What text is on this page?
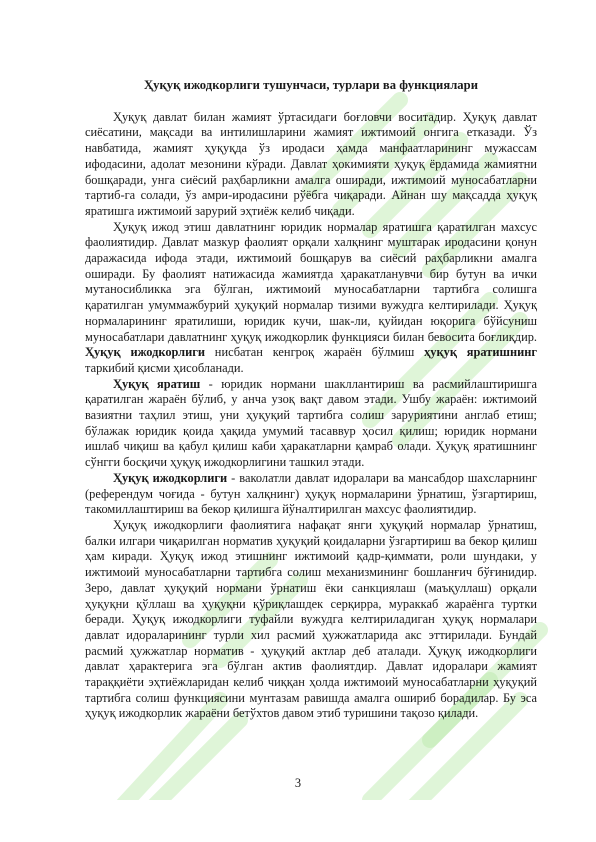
Ҳуқуқ ижодкорлиги тушунчаси, турлари ва функциялари

Ҳуқуқ давлат билан жамият ўртасидаги боғловчи воситадир. Ҳуқуқ давлат сиёсатини, мақсади ва интилишларини жамият ижтимоий онгига етказади. Ўз навбатида, жамият ҳуқуқда ўз иродаси ҳамда манфаатларининг мужассам ифодасини, адолат мезонини кўради. Давлат ҳокимияти ҳуқуқ ёрдамида жамиятни бошқаради, унга сиёсий раҳбарликни амалга оширади, ижтимоий муносабатларни тартиб-га солади, ўз амри-иродасини рўёбга чиқаради. Айнан шу мақсадда ҳуқуқ яратишга ижтимоий зарурий эҳтиёж келиб чиқади.

Ҳуқуқ ижод этиш давлатнинг юридик нормалар яратишга қаратилган махсус фаолиятидир. Давлат мазкур фаолият орқали халқнинг муштарак иродасини қонун даражасида ифода этади, ижтимоий бошқарув ва сиёсий раҳбарликни амалга оширади. Бу фаолият натижасида жамиятда ҳаракатланувчи бир бутун ва ички мутаносибликка эга бўлган, ижтимоий муносабатларни тартибга солишга қаратилган умуммажбурий ҳуқуқий нормалар тизими вужудга келтирилади. Ҳуқуқ нормаларининг яратилиши, юридик кучи, шак-ли, қуйидан юқорига бўйсуниш муносабатлари давлатнинг ҳуқуқ ижодкорлик функцияси билан бевосита боғлиқдир. Ҳуқуқ ижодкорлиги нисбатан кенгроқ жараён бўлмиш ҳуқуқ яратишнинг таркибий қисми ҳисобланади.

Ҳуқуқ яратиш - юридик нормани шакллантириш ва расмийлаштиришга қаратилган жараён бўлиб, у анча узоқ вақт давом этади. Ушбу жараён: ижтимоий вазиятни таҳлил этиш, уни ҳуқуқий тартибга солиш заруриятини англаб етиш; бўлажак юридик қоида ҳақида умумий тасаввур ҳосил қилиш; юридик нормани ишлаб чиқиш ва қабул қилиш каби ҳаракатларни қамраб олади. Ҳуқуқ яратишнинг сўнгги босқичи ҳуқуқ ижодкорлигини ташкил этади.

Ҳуқуқ ижодкорлиги - ваколатли давлат идоралари ва мансабдор шахсларнинг (референдум чоғида - бутун халқнинг) ҳуқуқ нормаларини ўрнатиш, ўзгартириш, такомиллаштириш ва бекор қилишга йўналтирилган махсус фаолиятидир.

Ҳуқуқ ижодкорлиги фаолиятига нафақат янги ҳуқуқий нормалар ўрнатиш, балки илгари чиқарилган норматив ҳуқуқий қоидаларни ўзгартириш ва бекор қилиш ҳам киради. Ҳуқуқ ижод этишнинг ижтимоий қадр-қиммати, роли шундаки, у ижтимоий муносабатларни тартибга солиш механизмининг бошланғич бўғинидир. Зеро, давлат ҳуқуқий нормани ўрнатиш ёки санкциялаш (маъқуллаш) орқали ҳуқуқни қўллаш ва ҳуқуқни қўриқлашдек серқирра, мураккаб жараёнга туртки беради. Ҳуқуқ ижодкорлиги туфайли вужудга келтириладиган ҳуқуқ нормалари давлат идораларининг турли хил расмий ҳужжатларида акс эттирилади. Бундай расмий ҳужжатлар норматив - ҳуқуқий актлар деб аталади. Ҳуқуқ ижодкорлиги давлат ҳарактерига эга бўлган актив фаолиятдир. Давлат идоралари жамият тараққиёти эҳтиёжларидан келиб чиққан ҳолда ижтимоий муносабатларни ҳуқуқий тартибга солиш функциясини мунтазам равишда амалга ошириб борадилар. Бу эса ҳуқуқ ижодкорлик жараёни бетўхтов давом этиб туришини тақозо қилади.

3
